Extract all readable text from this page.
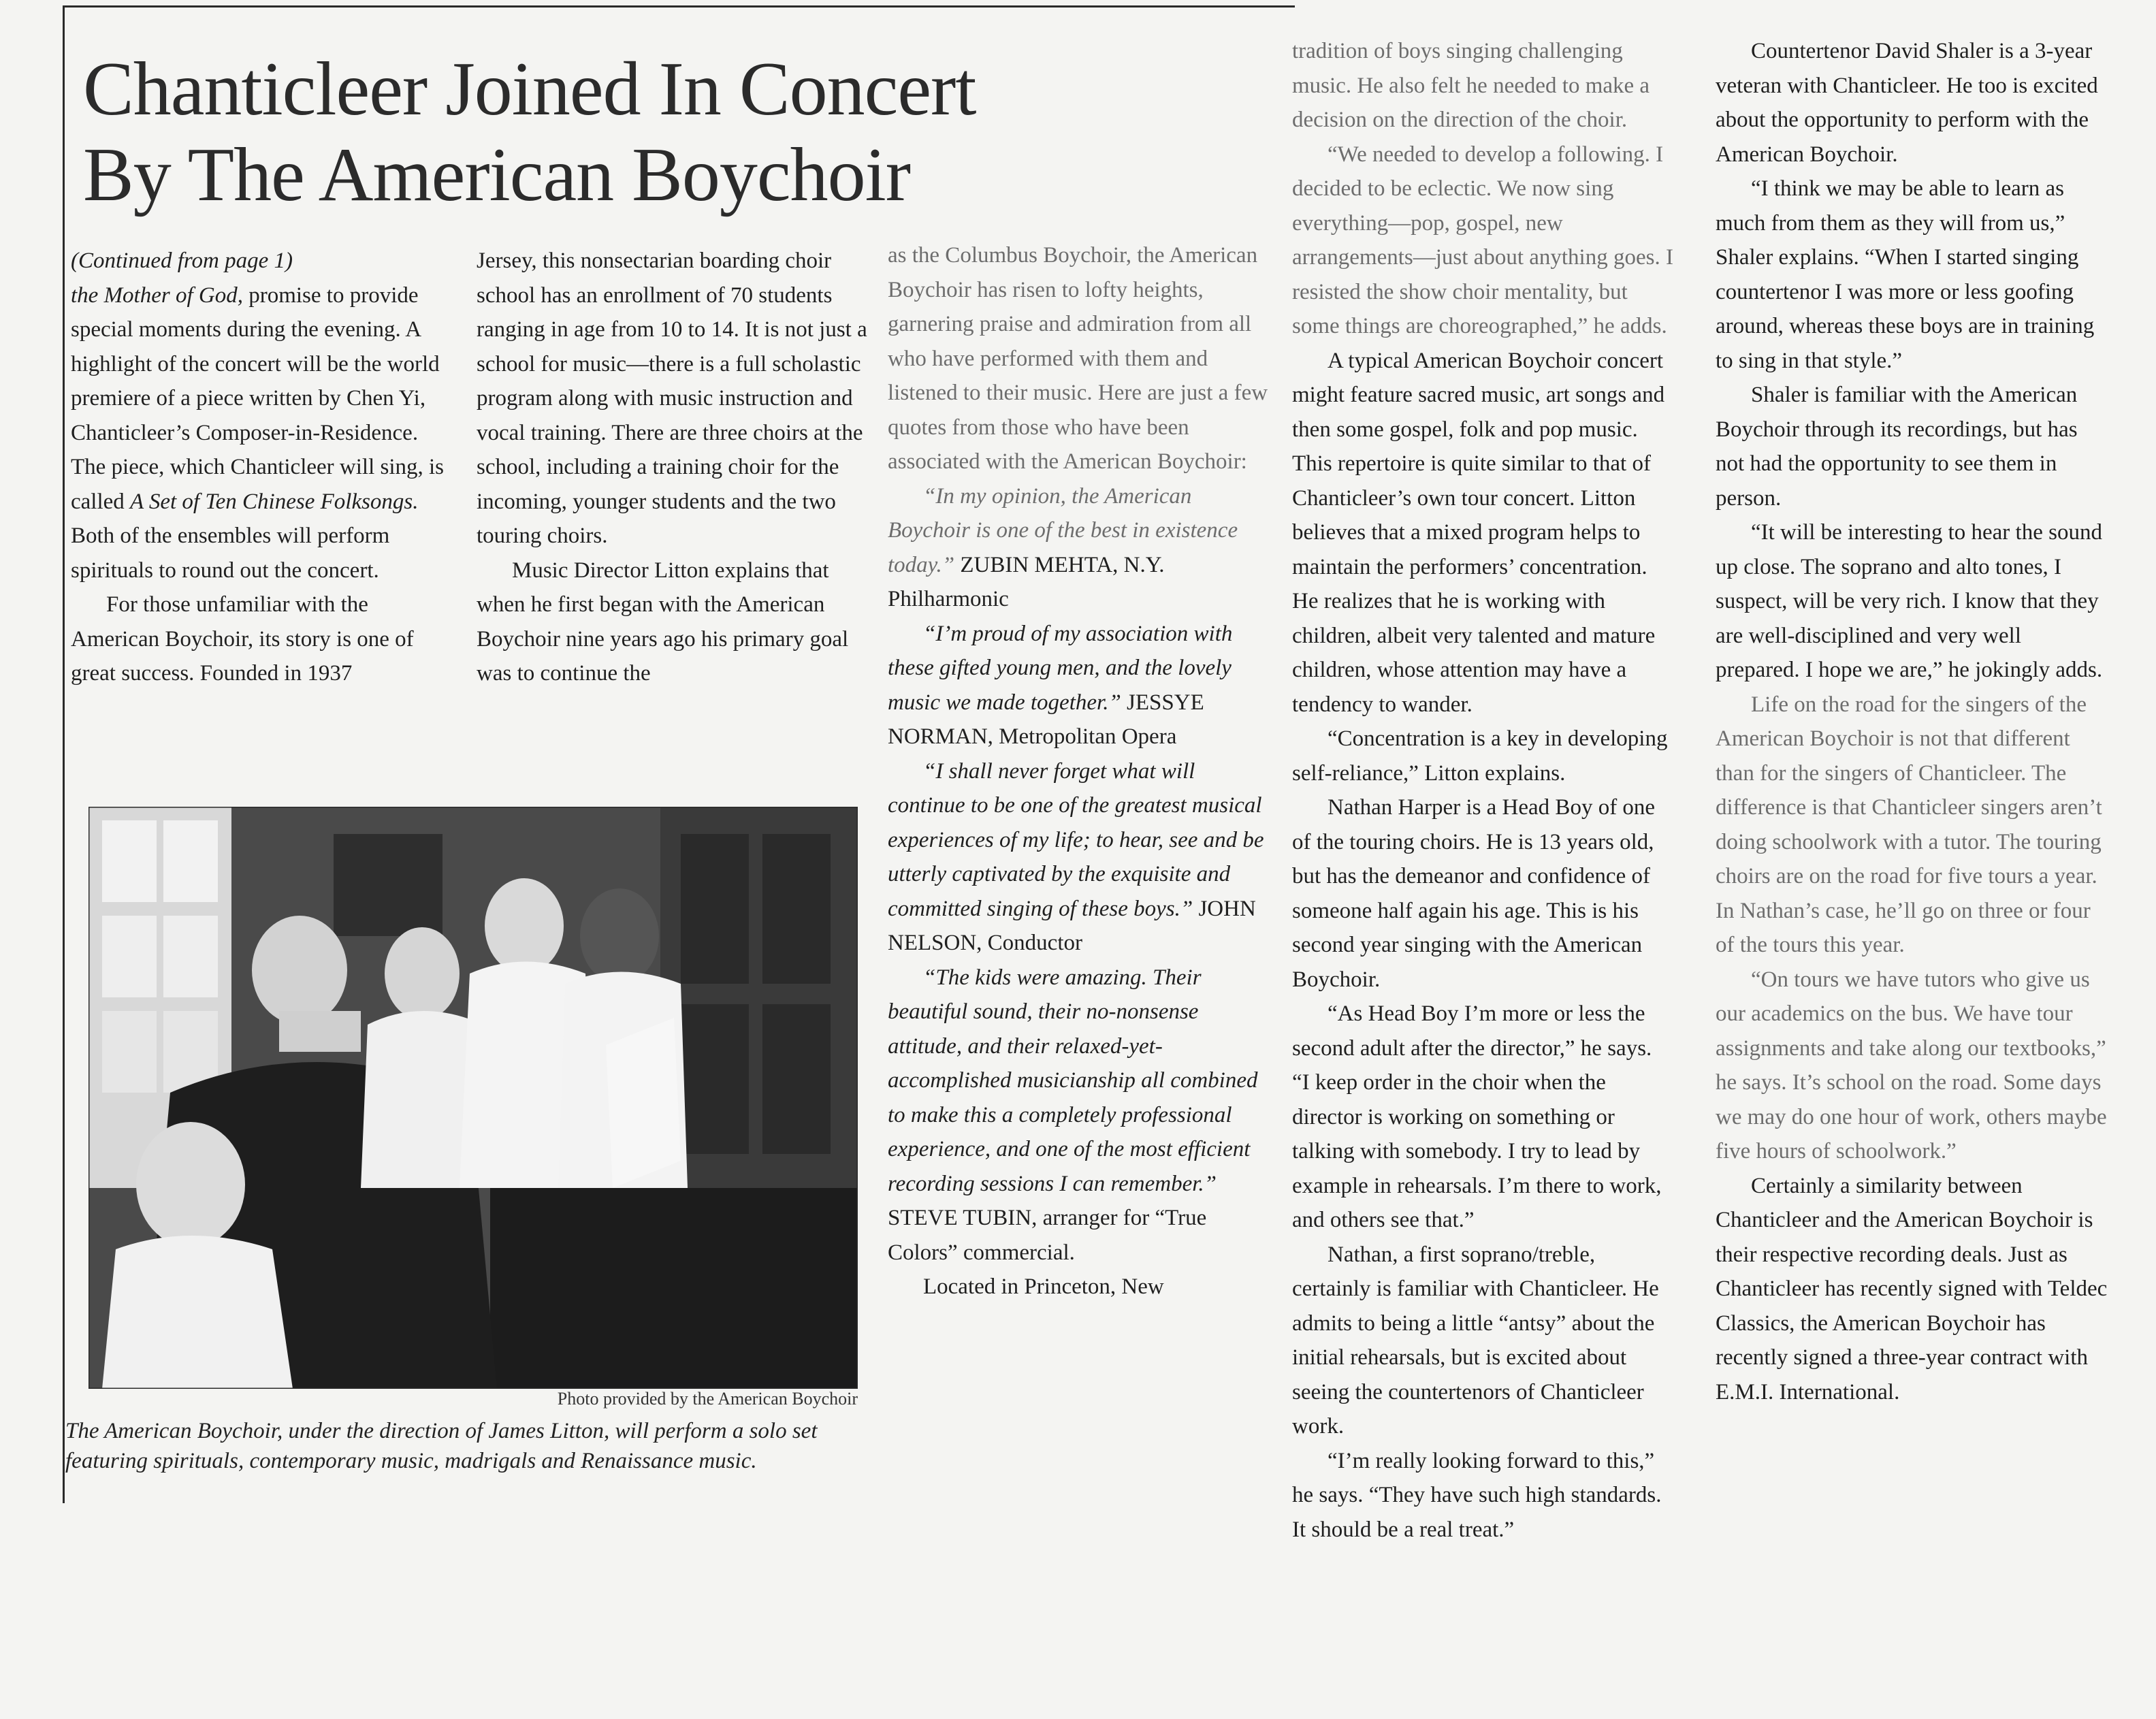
Chanticleer Joined In Concert
By The American Boychoir

(Continued from page 1)

the Mother of God, promise to provide special moments during the evening. A highlight of the concert will be the world premiere of a piece written by Chen Yi, Chanticleer’s Composer-in-Residence. The piece, which Chanticleer will sing, is called A Set of Ten Chinese Folksongs. Both of the ensembles will perform spirituals to round out the concert.

For those unfamiliar with the American Boychoir, its story is one of great success. Founded in 1937

Jersey, this nonsectarian boarding choir school has an enrollment of 70 students ranging in age from 10 to 14. It is not just a school for music—there is a full scholastic program along with music instruction and vocal training. There are three choirs at the school, including a training choir for the incoming, younger students and the two touring choirs.

Music Director Litton explains that when he first began with the American Boychoir nine years ago his primary goal was to continue the

Photo provided by the American Boychoir
The American Boychoir, under the direction of James Litton, will perform a solo set featuring spirituals, contemporary music, madrigals and Renaissance music.

as the Columbus Boychoir, the American Boychoir has risen to lofty heights, garnering praise and admiration from all who have performed with them and listened to their music. Here are just a few quotes from those who have been associated with the American Boychoir:

“In my opinion, the American Boychoir is one of the best in existence today.” ZUBIN MEHTA, N.Y. Philharmonic

“I’m proud of my association with these gifted young men, and the lovely music we made together.” JESSYE NORMAN, Metropolitan Opera

“I shall never forget what will continue to be one of the greatest musical experiences of my life; to hear, see and be utterly captivated by the exquisite and committed singing of these boys.” JOHN NELSON, Conductor

“The kids were amazing. Their beautiful sound, their no-nonsense attitude, and their relaxed-yet-accomplished musicianship all combined to make this a completely professional experience, and one of the most efficient recording sessions I can remember.” STEVE TUBIN, arranger for “True Colors” commercial.

Located in Princeton, New

tradition of boys singing challenging music. He also felt he needed to make a decision on the direction of the choir.

“We needed to develop a following. I decided to be eclectic. We now sing everything—pop, gospel, new arrangements—just about anything goes. I resisted the show choir mentality, but some things are choreographed,” he adds.

A typical American Boychoir concert might feature sacred music, art songs and then some gospel, folk and pop music. This repertoire is quite similar to that of Chanticleer’s own tour concert. Litton believes that a mixed program helps to maintain the performers’ concentration. He realizes that he is working with children, albeit very talented and mature children, whose attention may have a tendency to wander.

“Concentration is a key in developing self-reliance,” Litton explains.

Nathan Harper is a Head Boy of one of the touring choirs. He is 13 years old, but has the demeanor and confidence of someone half again his age. This is his second year singing with the American Boychoir.

“As Head Boy I’m more or less the second adult after the director,” he says. “I keep order in the choir when the director is working on something or talking with somebody. I try to lead by example in rehearsals. I’m there to work, and others see that.”

Nathan, a first soprano/treble, certainly is familiar with Chanticleer. He admits to being a little “antsy” about the initial rehearsals, but is excited about seeing the countertenors of Chanticleer work.

“I’m really looking forward to this,” he says. “They have such high standards. It should be a real treat.”

Countertenor David Shaler is a 3-year veteran with Chanticleer. He too is excited about the opportunity to perform with the American Boychoir.

“I think we may be able to learn as much from them as they will from us,” Shaler explains. “When I started singing countertenor I was more or less goofing around, whereas these boys are in training to sing in that style.”

Shaler is familiar with the American Boychoir through its recordings, but has not had the opportunity to see them in person.

“It will be interesting to hear the sound up close. The soprano and alto tones, I suspect, will be very rich. I know that they are well-disciplined and very well prepared. I hope we are,” he jokingly adds.

Life on the road for the singers of the American Boychoir is not that different than for the singers of Chanticleer. The difference is that Chanticleer singers aren’t doing schoolwork with a tutor. The touring choirs are on the road for five tours a year. In Nathan’s case, he’ll go on three or four of the tours this year.

“On tours we have tutors who give us our academics on the bus. We have tour assignments and take along our textbooks,” he says. It’s school on the road. Some days we may do one hour of work, others maybe five hours of schoolwork.”

Certainly a similarity between Chanticleer and the American Boychoir is their respective recording deals. Just as Chanticleer has recently signed with Teldec Classics, the American Boychoir has recently signed a three-year contract with E.M.I. International.
